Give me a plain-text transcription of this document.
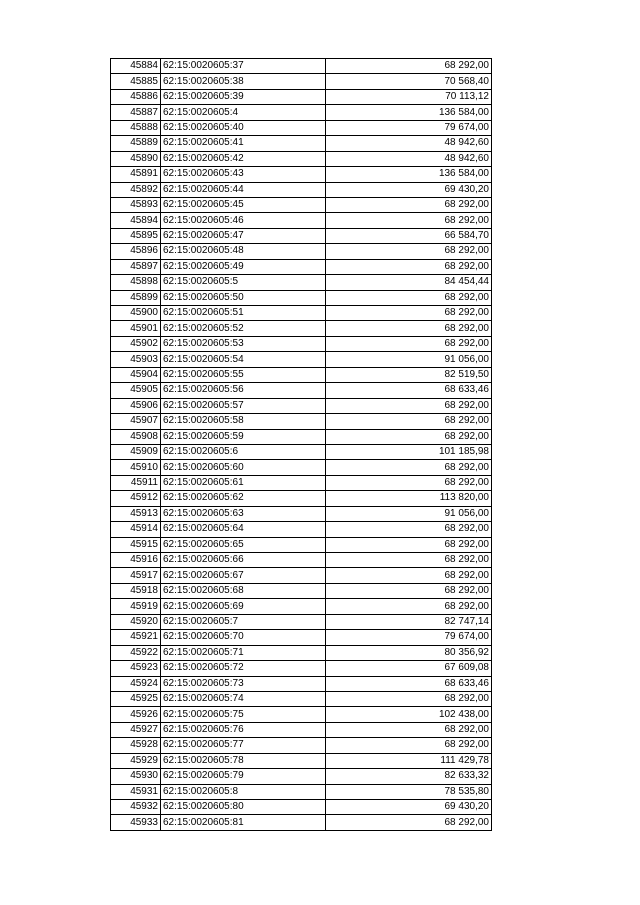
45884	62:15:0020605:37	68 292,00
45885	62:15:0020605:38	70 568,40
45886	62:15:0020605:39	70 113,12
45887	62:15:0020605:4	136 584,00
45888	62:15:0020605:40	79 674,00
45889	62:15:0020605:41	48 942,60
45890	62:15:0020605:42	48 942,60
45891	62:15:0020605:43	136 584,00
45892	62:15:0020605:44	69 430,20
45893	62:15:0020605:45	68 292,00
45894	62:15:0020605:46	68 292,00
45895	62:15:0020605:47	66 584,70
45896	62:15:0020605:48	68 292,00
45897	62:15:0020605:49	68 292,00
45898	62:15:0020605:5	84 454,44
45899	62:15:0020605:50	68 292,00
45900	62:15:0020605:51	68 292,00
45901	62:15:0020605:52	68 292,00
45902	62:15:0020605:53	68 292,00
45903	62:15:0020605:54	91 056,00
45904	62:15:0020605:55	82 519,50
45905	62:15:0020605:56	68 633,46
45906	62:15:0020605:57	68 292,00
45907	62:15:0020605:58	68 292,00
45908	62:15:0020605:59	68 292,00
45909	62:15:0020605:6	101 185,98
45910	62:15:0020605:60	68 292,00
45911	62:15:0020605:61	68 292,00
45912	62:15:0020605:62	113 820,00
45913	62:15:0020605:63	91 056,00
45914	62:15:0020605:64	68 292,00
45915	62:15:0020605:65	68 292,00
45916	62:15:0020605:66	68 292,00
45917	62:15:0020605:67	68 292,00
45918	62:15:0020605:68	68 292,00
45919	62:15:0020605:69	68 292,00
45920	62:15:0020605:7	82 747,14
45921	62:15:0020605:70	79 674,00
45922	62:15:0020605:71	80 356,92
45923	62:15:0020605:72	67 609,08
45924	62:15:0020605:73	68 633,46
45925	62:15:0020605:74	68 292,00
45926	62:15:0020605:75	102 438,00
45927	62:15:0020605:76	68 292,00
45928	62:15:0020605:77	68 292,00
45929	62:15:0020605:78	111 429,78
45930	62:15:0020605:79	82 633,32
45931	62:15:0020605:8	78 535,80
45932	62:15:0020605:80	69 430,20
45933	62:15:0020605:81	68 292,00
